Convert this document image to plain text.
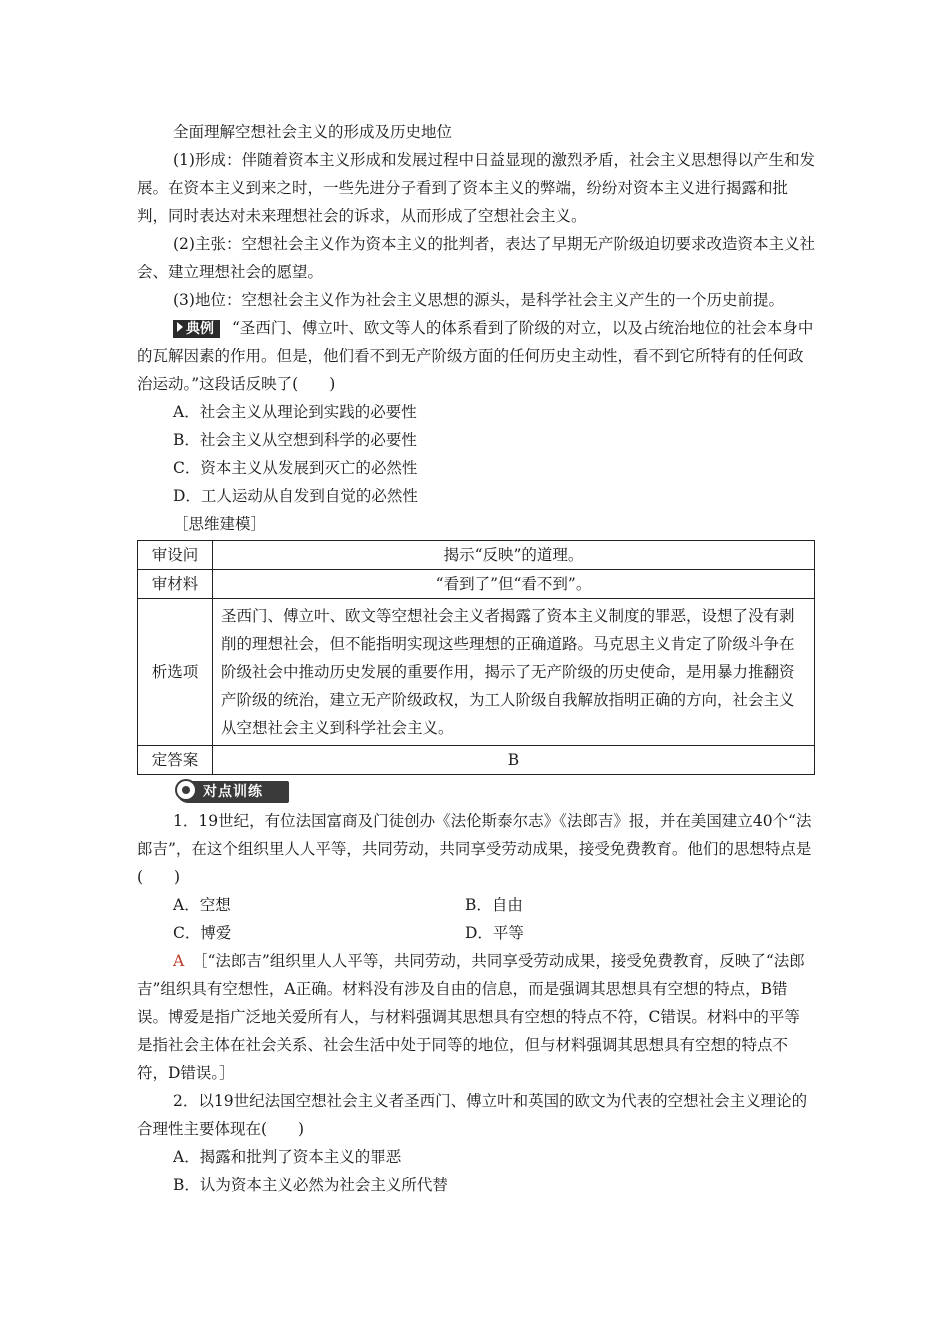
全面理解空想社会主义的形成及历史地位

(1)形成：伴随着资本主义形成和发展过程中日益显现的激烈矛盾，社会主义思想得以产生和发展。在资本主义到来之时，一些先进分子看到了资本主义的弊端，纷纷对资本主义进行揭露和批判，同时表达对未来理想社会的诉求，从而形成了空想社会主义。

(2)主张：空想社会主义作为资本主义的批判者，表达了早期无产阶级迫切要求改造资本主义社会、建立理想社会的愿望。

(3)地位：空想社会主义作为社会主义思想的源头，是科学社会主义产生的一个历史前提。

典例 “圣西门、傅立叶、欧文等人的体系看到了阶级的对立，以及占统治地位的社会本身中的瓦解因素的作用。但是，他们看不到无产阶级方面的任何历史主动性，看不到它所特有的任何政治运动。”这段话反映了(　　)

A．社会主义从理论到实践的必要性

B．社会主义从空想到科学的必要性

C．资本主义从发展到灭亡的必然性

D．工人运动从自发到自觉的必然性

［思维建模］

审设问	揭示“反映”的道理。
审材料	“看到了”但“看不到”。
析选项	圣西门、傅立叶、欧文等空想社会主义者揭露了资本主义制度的罪恶，设想了没有剥削的理想社会，但不能指明实现这些理想的正确道路。马克思主义肯定了阶级斗争在阶级社会中推动历史发展的重要作用，揭示了无产阶级的历史使命，是用暴力推翻资产阶级的统治，建立无产阶级政权，为工人阶级自我解放指明正确的方向，社会主义从空想社会主义到科学社会主义。
定答案	B
对点训练

1．19世纪，有位法国富商及门徒创办《法伦斯泰尔志》《法郎吉》报，并在美国建立40个“法郎吉”，在这个组织里人人平等，共同劳动，共同享受劳动成果，接受免费教育。他们的思想特点是(　　)

A．空想	B．自由
C．博爱	D．平等

A　 ［“法郎吉”组织里人人平等，共同劳动，共同享受劳动成果，接受免费教育，反映了“法郎吉”组织具有空想性，A正确。材料没有涉及自由的信息，而是强调其思想具有空想的特点，B错误。博爱是指广泛地关爱所有人，与材料强调其思想具有空想的特点不符，C错误。材料中的平等是指社会主体在社会关系、社会生活中处于同等的地位，但与材料强调其思想具有空想的特点不符，D错误。］

2．以19世纪法国空想社会主义者圣西门、傅立叶和英国的欧文为代表的空想社会主义理论的合理性主要体现在(　　)

A．揭露和批判了资本主义的罪恶

B．认为资本主义必然为社会主义所代替
